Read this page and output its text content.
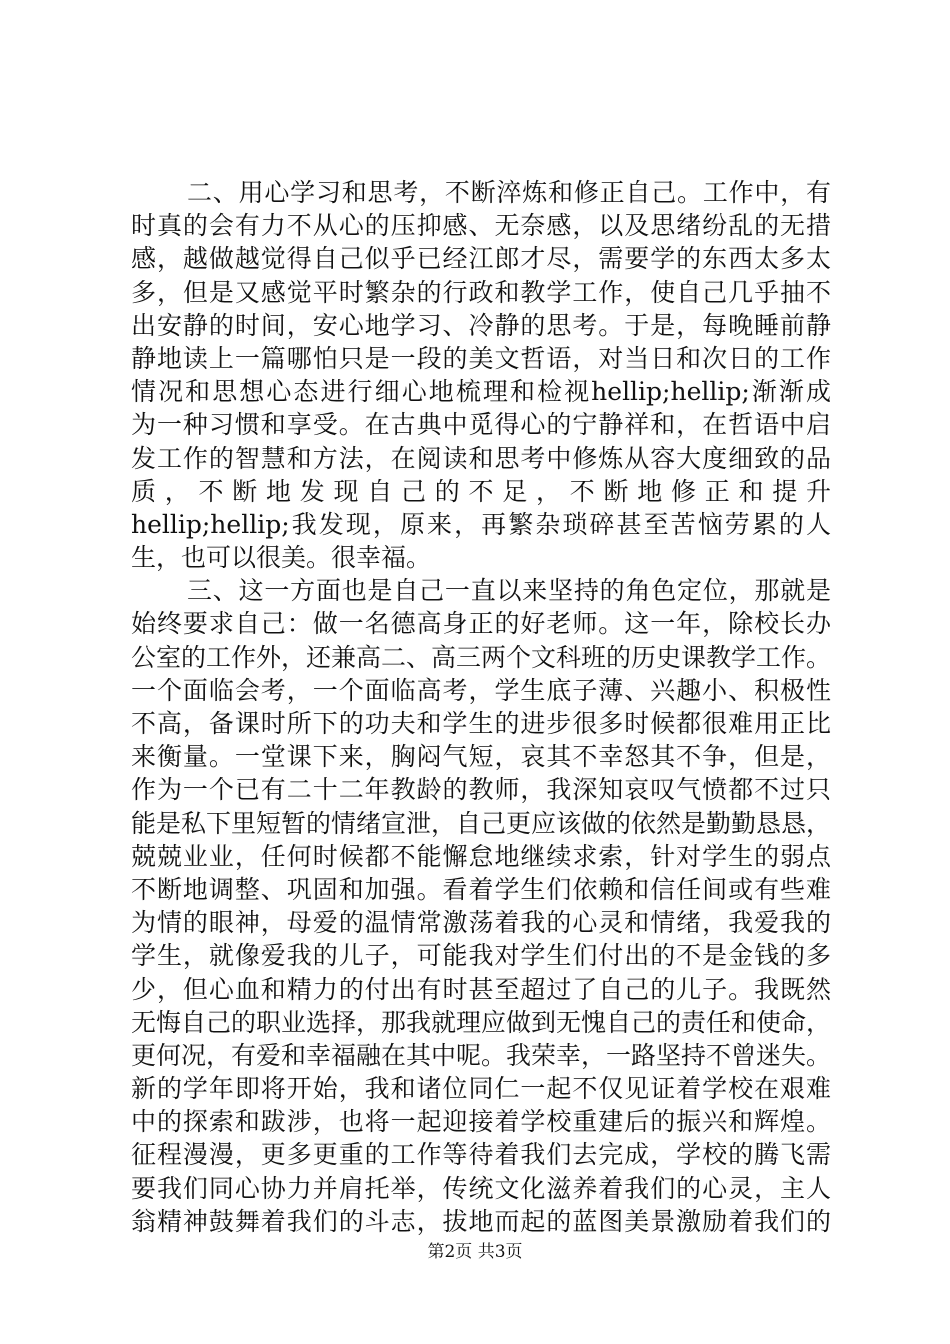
二、用心学习和思考，不断淬炼和修正自己。工作中，有
时真的会有力不从心的压抑感、无奈感，以及思绪纷乱的无措
感，越做越觉得自己似乎已经江郎才尽，需要学的东西太多太
多，但是又感觉平时繁杂的行政和教学工作，使自己几乎抽不
出安静的时间，安心地学习、冷静的思考。于是，每晚睡前静
静地读上一篇哪怕只是一段的美文哲语，对当日和次日的工作
情况和思想心态进行细心地梳理和检视hellip;hellip;渐渐成
为一种习惯和享受。在古典中觅得心的宁静祥和，在哲语中启
发工作的智慧和方法，在阅读和思考中修炼从容大度细致的品
质，不断地发现自己的不足，不断地修正和提升
hellip;hellip;我发现，原来，再繁杂琐碎甚至苦恼劳累的人
生，也可以很美。很幸福。
三、这一方面也是自己一直以来坚持的角色定位，那就是
始终要求自己：做一名德高身正的好老师。这一年，除校长办
公室的工作外，还兼高二、高三两个文科班的历史课教学工作。
一个面临会考，一个面临高考，学生底子薄、兴趣小、积极性
不高，备课时所下的功夫和学生的进步很多时候都很难用正比
来衡量。一堂课下来，胸闷气短，哀其不幸怒其不争，但是，
作为一个已有二十二年教龄的教师，我深知哀叹气愤都不过只
能是私下里短暂的情绪宣泄，自己更应该做的依然是勤勤恳恳，
兢兢业业，任何时候都不能懈怠地继续求索，针对学生的弱点
不断地调整、巩固和加强。看着学生们依赖和信任间或有些难
为情的眼神，母爱的温情常激荡着我的心灵和情绪，我爱我的
学生，就像爱我的儿子，可能我对学生们付出的不是金钱的多
少，但心血和精力的付出有时甚至超过了自己的儿子。我既然
无悔自己的职业选择，那我就理应做到无愧自己的责任和使命，
更何况，有爱和幸福融在其中呢。我荣幸，一路坚持不曾迷失。
新的学年即将开始，我和诸位同仁一起不仅见证着学校在艰难
中的探索和跋涉，也将一起迎接着学校重建后的振兴和辉煌。
征程漫漫，更多更重的工作等待着我们去完成，学校的腾飞需
要我们同心协力并肩托举，传统文化滋养着我们的心灵，主人
翁精神鼓舞着我们的斗志，拔地而起的蓝图美景激励着我们的
第2页 共3页
